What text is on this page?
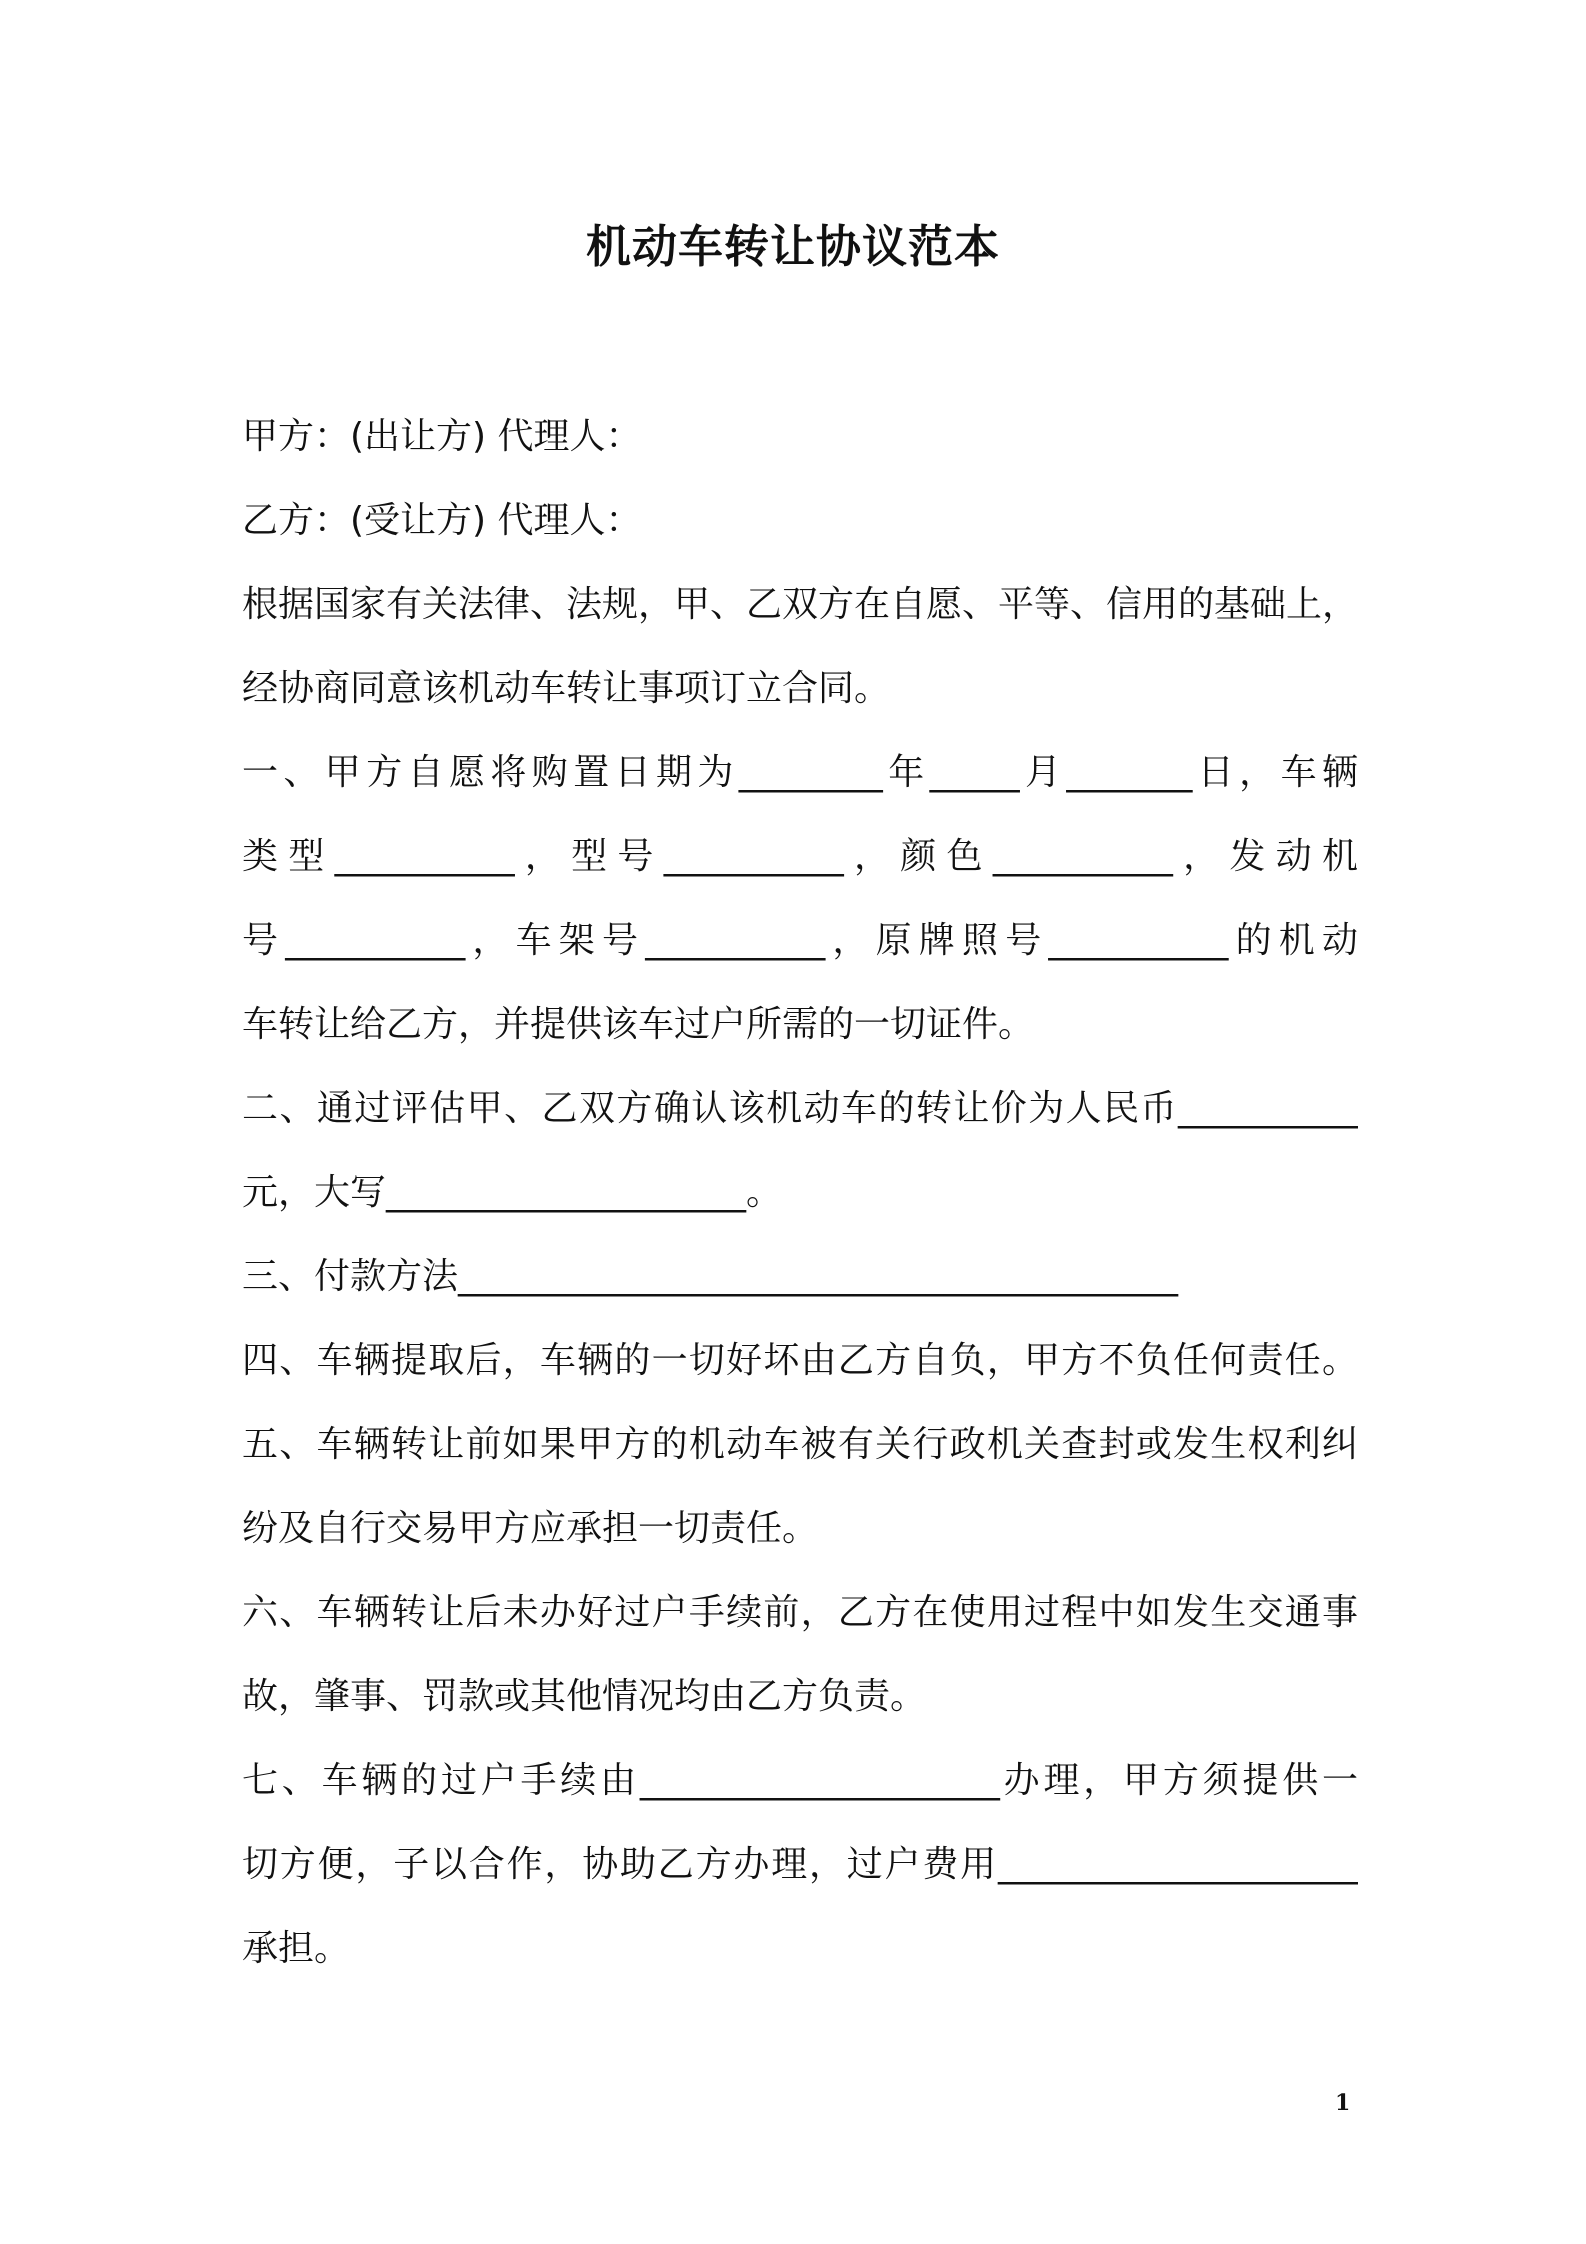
机动车转让协议范本
甲方：(出让方) 代理人：
乙方：(受让方) 代理人：
根据国家有关法律、法规，甲、乙双方在自愿、平等、信用的基础上，
经协商同意该机动车转让事项订立合同。
一、甲方自愿将购置日期为________年_____月_______日，车辆
类型__________，型号__________，颜色__________，发动机
号__________，车架号__________，原牌照号__________的机动
车转让给乙方，并提供该车过户所需的一切证件。
二、通过评估甲、乙双方确认该机动车的转让价为人民币__________
元，大写____________________。
三、付款方法________________________________________
四、车辆提取后，车辆的一切好坏由乙方自负，甲方不负任何责任。
五、车辆转让前如果甲方的机动车被有关行政机关查封或发生权利纠
纷及自行交易甲方应承担一切责任。
六、车辆转让后未办好过户手续前，乙方在使用过程中如发生交通事
故，肇事、罚款或其他情况均由乙方负责。
七、车辆的过户手续由____________________办理，甲方须提供一
切方便，子以合作，协助乙方办理，过户费用____________________
承担。
1
